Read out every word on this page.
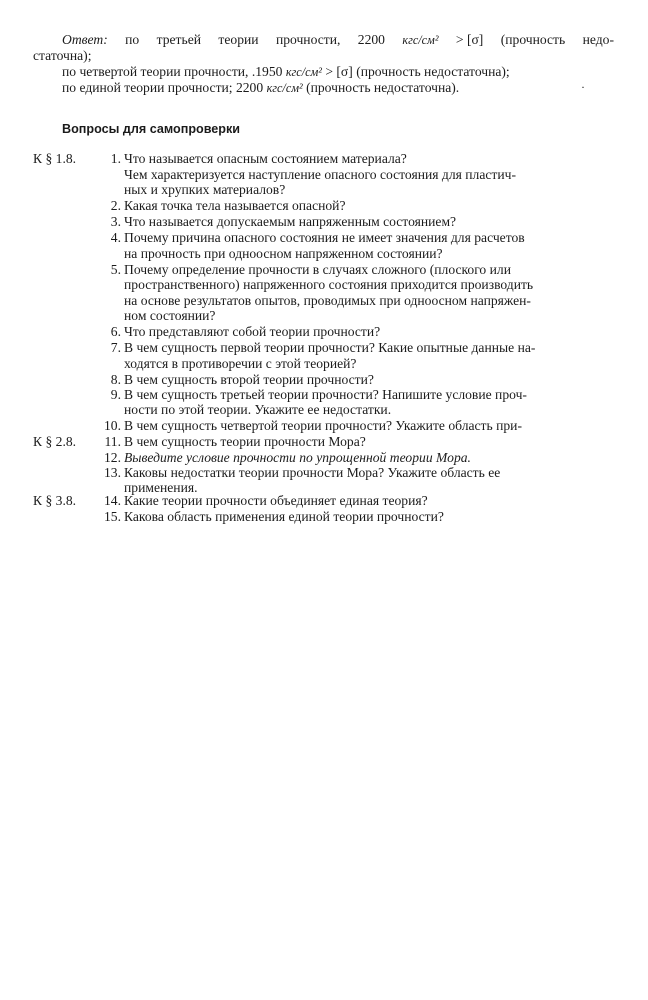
Ответ: по третьей теории прочности, 2200 кгс/см² > [σ] (прочность недо-
статочна);
по четвертой теории прочности, .1950 кгс/см² > [σ] (прочность недостаточна);
по единой теории прочности; 2200 кгс/см² (прочность недостаточна).	·
Вопросы для самопроверки
К § 1.8.
К § 2.8.
К § 3.8.
1.
2.
3.
4.
5.
6.
7.
8.
9.
10.
11.
12.
13.
14.
15.
Что называется опасным состоянием материала?
Чем характеризуется наступление опасного состояния для пластич-
ных и хрупких материалов?
Какая точка тела называется опасной?
Что называется допускаемым напряженным состоянием?
Почему причина опасного состояния не имеет значения для расчетов
на прочность при одноосном напряженном состоянии?
Почему определение прочности в случаях сложного (плоского или
пространственного) напряженного состояния приходится производить
на основе результатов опытов, проводимых при одноосном напряжен-
ном состоянии?
Что представляют собой теории прочности?
В чем сущность первой теории прочности? Какие опытные данные на-
ходятся в противоречии с этой теорией?
В чем сущность второй теории прочности?
В чем сущность третьей теории прочности? Напишите условие проч-
ности по этой теории. Укажите ее недостатки.
В чем сущность четвертой теории прочности? Укажите область при-
В чем сущность теории прочности Мора?
Выведите условие прочности по упрощенной теории Мора.
Каковы недостатки теории прочности Мора? Укажите область ее
применения.
Какие теории прочности объединяет единая теория?
Какова область применения единой теории прочности?
